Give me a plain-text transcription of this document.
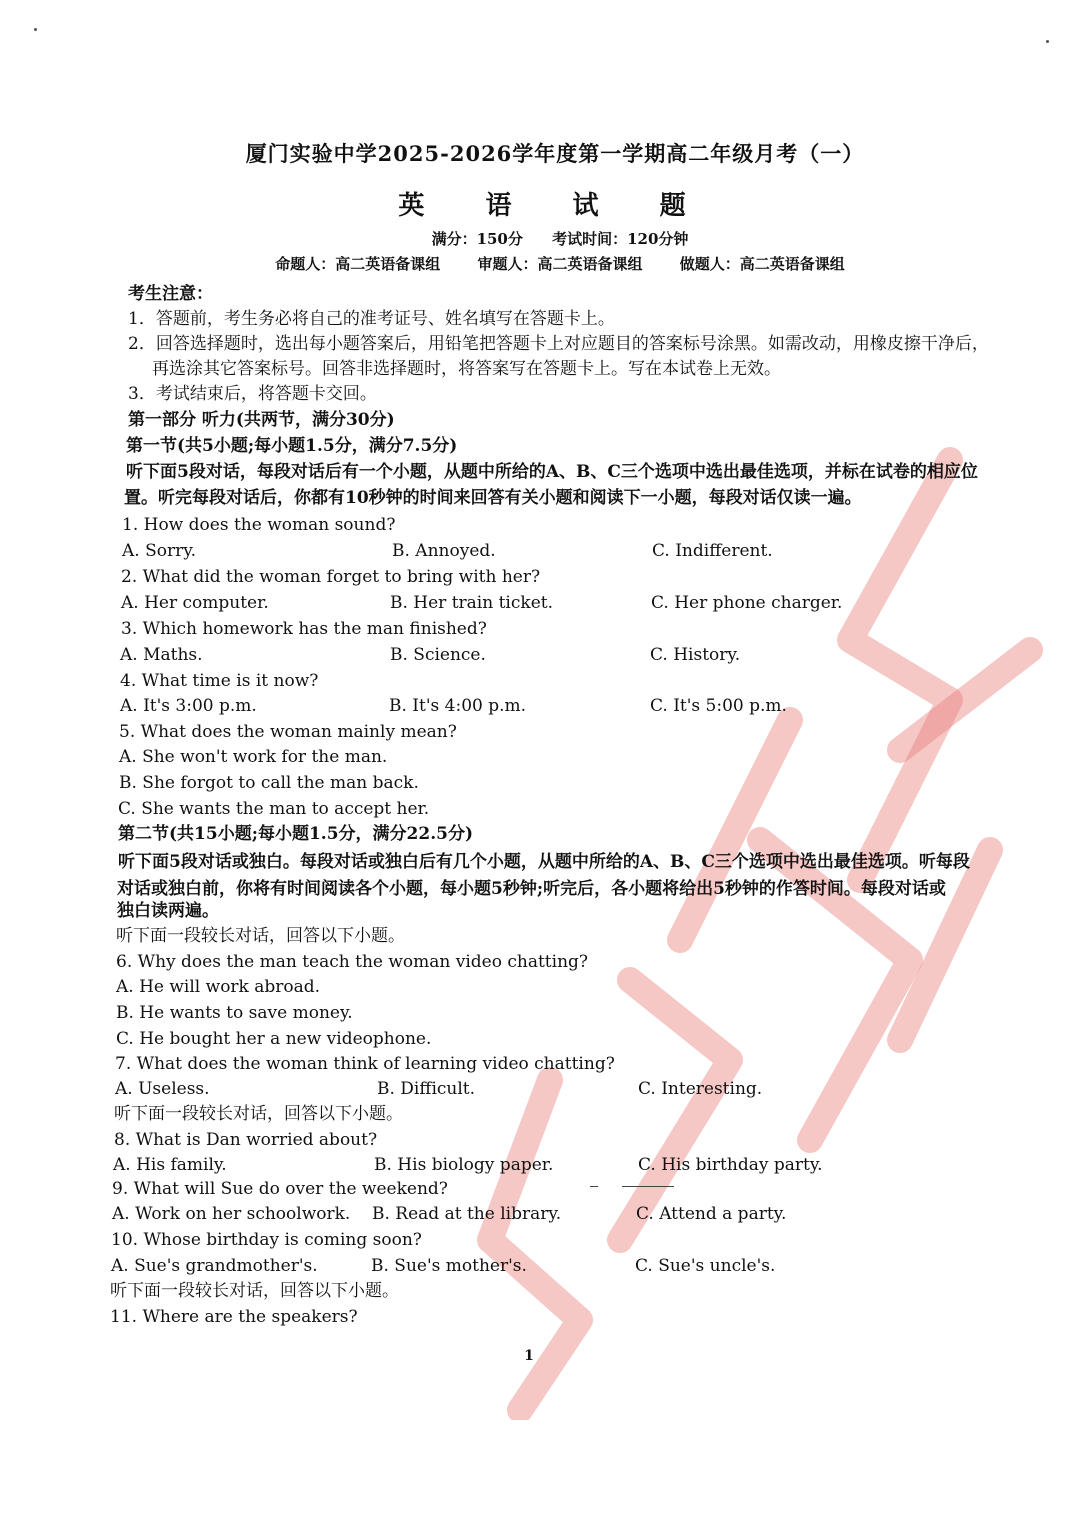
厦门实验中学2025-2026学年度第一学期高二年级月考（一）
英 语 试 题
满分：150分 考试时间：120分钟
命题人：高二英语备课组 审题人：高二英语备课组 做题人：高二英语备课组
考生注意：
1．答题前，考生务必将自己的准考证号、姓名填写在答题卡上。
2．回答选择题时，选出每小题答案后，用铅笔把答题卡上对应题目的答案标号涂黑。如需改动，用橡皮擦干净后，
再选涂其它答案标号。回答非选择题时，将答案写在答题卡上。写在本试卷上无效。
3．考试结束后，将答题卡交回。
第一部分 听力(共两节，满分30分)
第一节(共5小题;每小题1.5分，满分7.5分)
听下面5段对话，每段对话后有一个小题，从题中所给的A、B、C三个选项中选出最佳选项，并标在试卷的相应位
置。听完每段对话后，你都有10秒钟的时间来回答有关小题和阅读下一小题，每段对话仅读一遍。
1. How does the woman sound?
A. Sorry.	B. Annoyed.	C. Indifferent.
2. What did the woman forget to bring with her?
A. Her computer.	B. Her train ticket.	C. Her phone charger.
3. Which homework has the man finished?
A. Maths.	B. Science.	C. History.
4. What time is it now?
A. It's 3:00 p.m.	B. It's 4:00 p.m.	C. It's 5:00 p.m.
5. What does the woman mainly mean?
A. She won't work for the man.
B. She forgot to call the man back.
C. She wants the man to accept her.
第二节(共15小题;每小题1.5分，满分22.5分)
听下面5段对话或独白。每段对话或独白后有几个小题，从题中所给的A、B、C三个选项中选出最佳选项。听每段
对话或独白前，你将有时间阅读各个小题，每小题5秒钟;听完后，各小题将给出5秒钟的作答时间。每段对话或
独白读两遍。
听下面一段较长对话，回答以下小题。
6. Why does the man teach the woman video chatting?
A. He will work abroad.
B. He wants to save money.
C. He bought her a new videophone.
7. What does the woman think of learning video chatting?
A. Useless.	B. Difficult.	C. Interesting.
听下面一段较长对话，回答以下小题。
8. What is Dan worried about?
A. His family.	B. His biology paper.	C. His birthday party.
9. What will Sue do over the weekend?
A. Work on her schoolwork. B. Read at the library.	C. Attend a party.
10. Whose birthday is coming soon?
A. Sue's grandmother's.	B. Sue's mother's.	C. Sue's uncle's.
听下面一段较长对话，回答以下小题。
11. Where are the speakers?
1
